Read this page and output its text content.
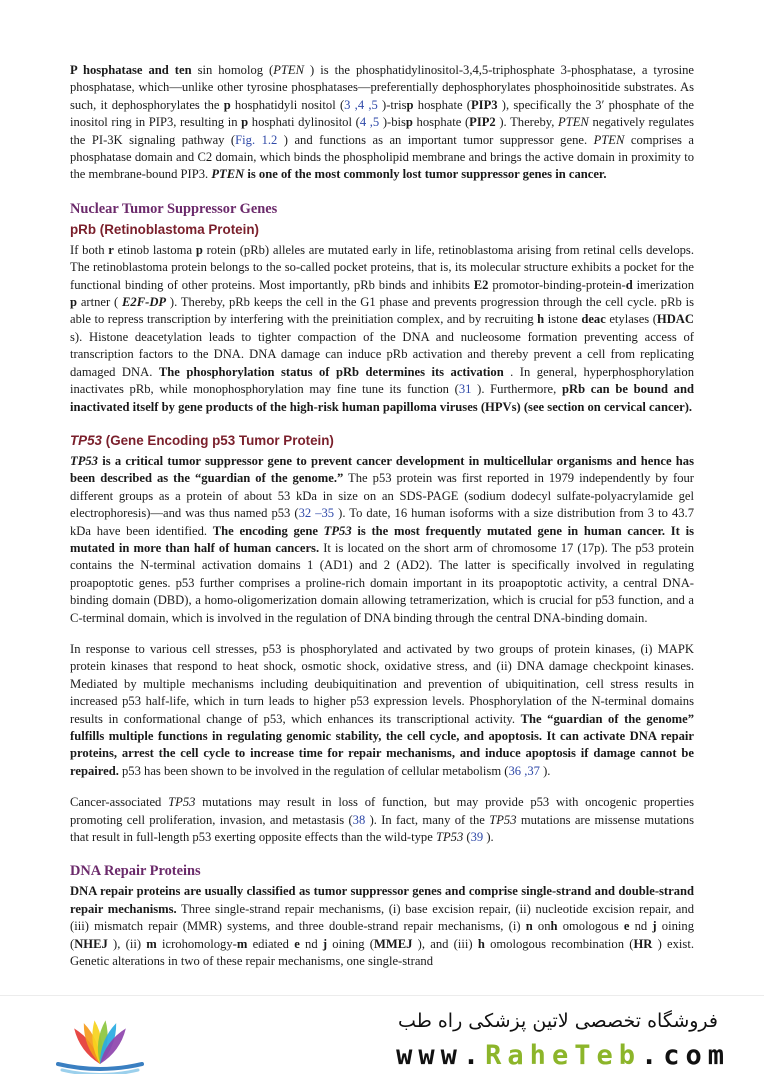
P hosphatase and ten sin homolog (PTEN ) is the phosphatidylinositol-3,4,5-triphosphate 3-phosphatase, a tyrosine phosphatase, which—unlike other tyrosine phosphatases—preferentially dephosphorylates phosphoinositide substrates. As such, it dephosphorylates the p hosphatidyli nositol (3 ,4 ,5 )-trisp hosphate (PIP3 ), specifically the 3′ phosphate of the inositol ring in PIP3, resulting in p hosphati dylinositol (4 ,5 )-bisp hosphate (PIP2 ). Thereby, PTEN negatively regulates the PI-3K signaling pathway (Fig. 1.2 ) and functions as an important tumor suppressor gene. PTEN comprises a phosphatase domain and C2 domain, which binds the phospholipid membrane and brings the active domain in proximity to the membrane-bound PIP3. PTEN is one of the most commonly lost tumor suppressor genes in cancer.

Nuclear Tumor Suppressor Genes
pRb (Retinoblastoma Protein)

If both r etinob lastoma p rotein (pRb) alleles are mutated early in life, retinoblastoma arising from retinal cells develops. The retinoblastoma protein belongs to the so-called pocket proteins, that is, its molecular structure exhibits a pocket for the functional binding of other proteins. Most importantly, pRb binds and inhibits E2 promotor-binding-protein-d imerization p artner ( E2F-DP ). Thereby, pRb keeps the cell in the G1 phase and prevents progression through the cell cycle. pRb is able to repress transcription by interfering with the preinitiation complex, and by recruiting h istone deac etylases (HDAC s). Histone deacetylation leads to tighter compaction of the DNA and nucleosome formation preventing access of transcription factors to the DNA. DNA damage can induce pRb activation and thereby prevent a cell from replicating damaged DNA. The phosphorylation status of pRb determines its activation . In general, hyperphosphorylation inactivates pRb, while monophosphorylation may fine tune its function (31 ). Furthermore, pRb can be bound and inactivated itself by gene products of the high-risk human papilloma viruses (HPVs) (see section on cervical cancer).

TP53 (Gene Encoding p53 Tumor Protein)

TP53 is a critical tumor suppressor gene to prevent cancer development in multicellular organisms and hence has been described as the “guardian of the genome.” The p53 protein was first reported in 1979 independently by four different groups as a protein of about 53 kDa in size on an SDS-PAGE (sodium dodecyl sulfate-polyacrylamide gel electrophoresis)—and was thus named p53 (32 –35 ). To date, 16 human isoforms with a size distribution from 3 to 43.7 kDa have been identified. The encoding gene TP53 is the most frequently mutated gene in human cancer. It is mutated in more than half of human cancers. It is located on the short arm of chromosome 17 (17p). The p53 protein contains the N-terminal activation domains 1 (AD1) and 2 (AD2). The latter is specifically involved in regulating proapoptotic genes. p53 further comprises a proline-rich domain important in its proapoptotic activity, a central DNA-binding domain (DBD), a homo-oligomerization domain allowing tetramerization, which is crucial for p53 function, and a C-terminal domain, which is involved in the regulation of DNA binding through the central DNA-binding domain.

In response to various cell stresses, p53 is phosphorylated and activated by two groups of protein kinases, (i) MAPK protein kinases that respond to heat shock, osmotic shock, oxidative stress, and (ii) DNA damage checkpoint kinases. Mediated by multiple mechanisms including deubiquitination and prevention of ubiquitination, cell stress results in increased p53 half-life, which in turn leads to higher p53 expression levels. Phosphorylation of the N-terminal domains results in conformational change of p53, which enhances its transcriptional activity. The “guardian of the genome” fulfills multiple functions in regulating genomic stability, the cell cycle, and apoptosis. It can activate DNA repair proteins, arrest the cell cycle to increase time for repair mechanisms, and induce apoptosis if damage cannot be repaired. p53 has been shown to be involved in the regulation of cellular metabolism (36 ,37 ).

Cancer-associated TP53 mutations may result in loss of function, but may provide p53 with oncogenic properties promoting cell proliferation, invasion, and metastasis (38 ). In fact, many of the TP53 mutations are missense mutations that result in full-length p53 exerting opposite effects than the wild-type TP53 (39 ).

DNA Repair Proteins

DNA repair proteins are usually classified as tumor suppressor genes and comprise single-strand and double-strand repair mechanisms. Three single-strand repair mechanisms, (i) base excision repair, (ii) nucleotide excision repair, and (iii) mismatch repair (MMR) systems, and three double-strand repair mechanisms, (i) n onh omologous e nd j oining (NHEJ ), (ii) m icrohomology-m ediated e nd j oining (MMEJ ), and (iii) h omologous recombination (HR ) exist. Genetic alterations in two of these repair mechanisms, one single-strand

فروشگاه تخصصی لاتین پزشکی راه طب
www.RaheTeb.com
